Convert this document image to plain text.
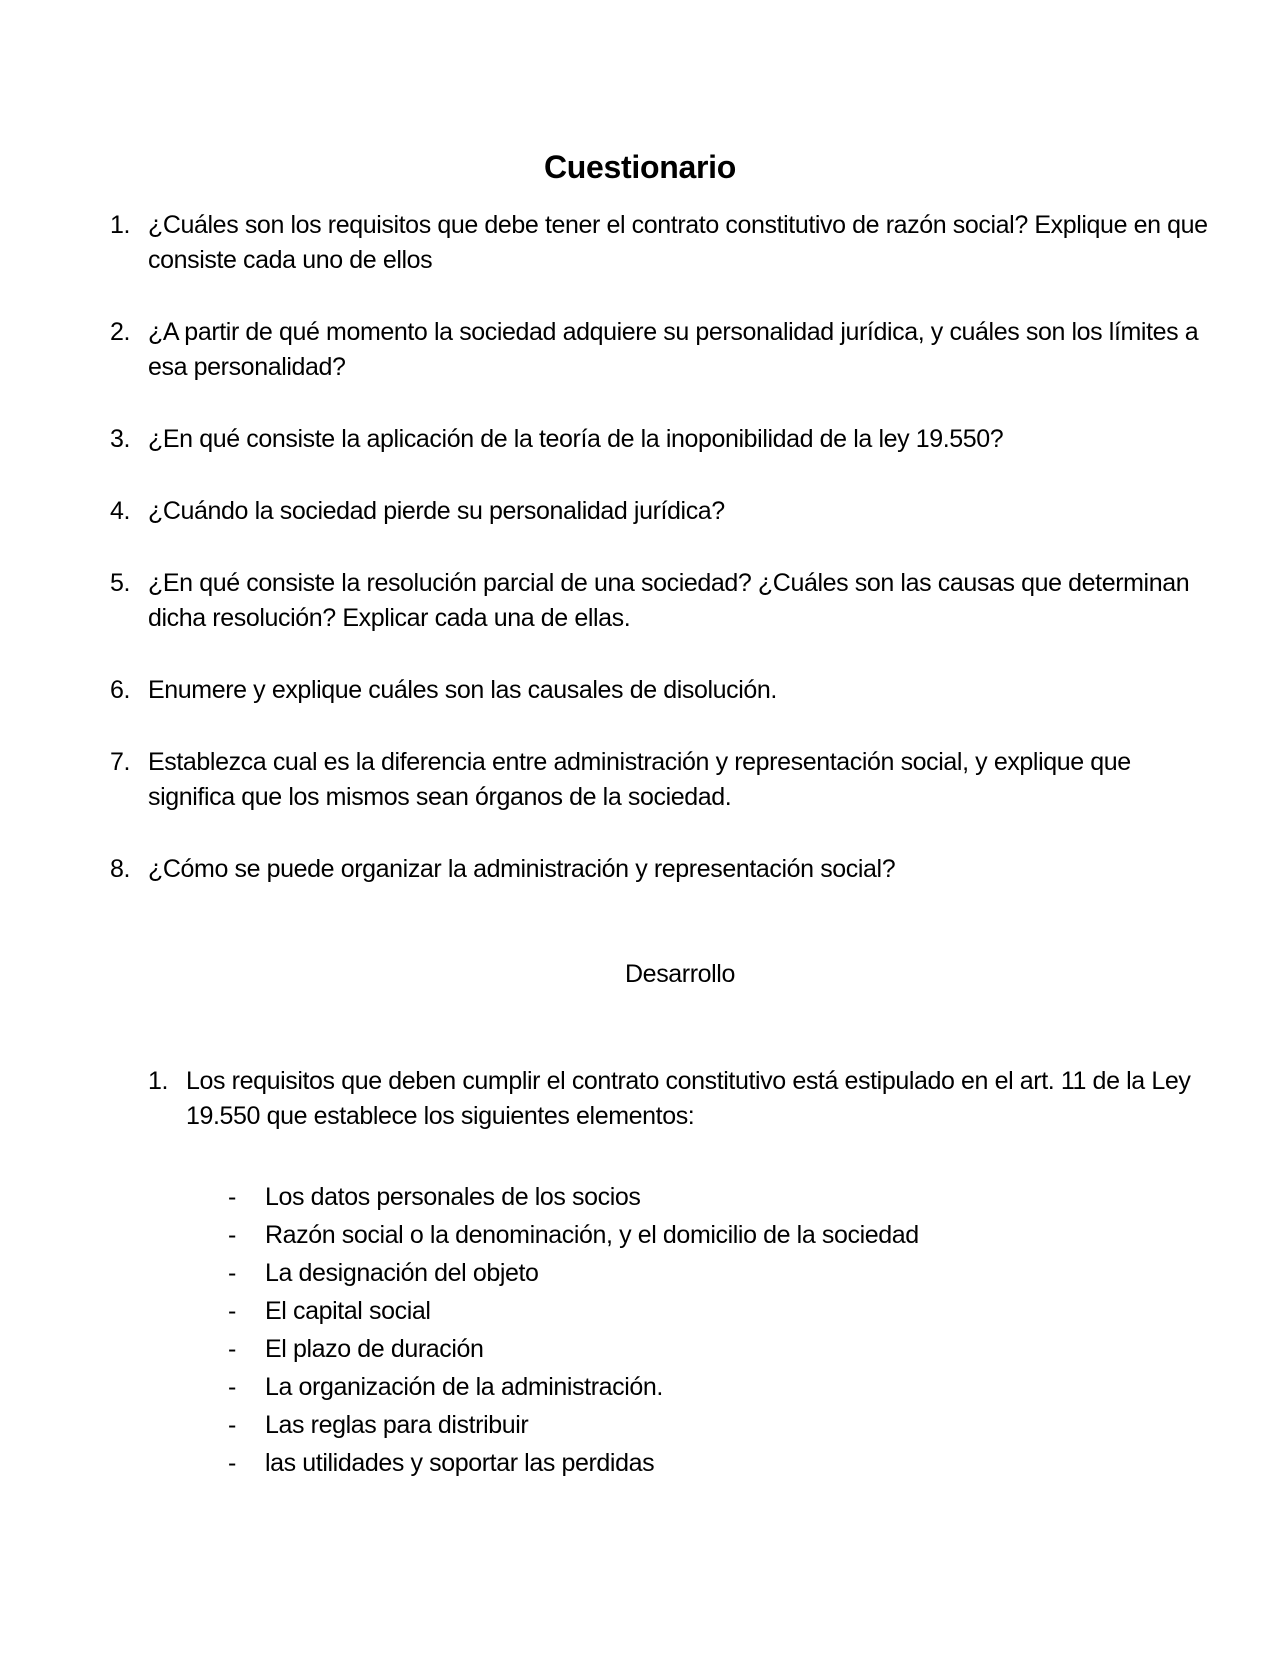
Cuestionario
1. ¿Cuáles son los requisitos que debe tener el contrato constitutivo de razón social? Explique en que consiste cada uno de ellos
2. ¿A partir de qué momento la sociedad adquiere su personalidad jurídica, y cuáles son los límites a esa personalidad?
3. ¿En qué consiste la aplicación de la teoría de la inoponibilidad de la ley 19.550?
4. ¿Cuándo la sociedad pierde su personalidad jurídica?
5. ¿En qué consiste la resolución parcial de una sociedad? ¿Cuáles son las causas que determinan dicha resolución? Explicar cada una de ellas.
6. Enumere y explique cuáles son las causales de disolución.
7. Establezca cual es la diferencia entre administración y representación social, y explique que significa que los mismos sean órganos de la sociedad.
8. ¿Cómo se puede organizar la administración y representación social?
Desarrollo
1. Los requisitos que deben cumplir el contrato constitutivo está estipulado en el art. 11 de la Ley 19.550 que establece los siguientes elementos:
- Los datos personales de los socios
- Razón social o la denominación, y el domicilio de la sociedad
- La designación del objeto
- El capital social
- El plazo de duración
- La organización de la administración.
- Las reglas para distribuir
- las utilidades y soportar las perdidas
